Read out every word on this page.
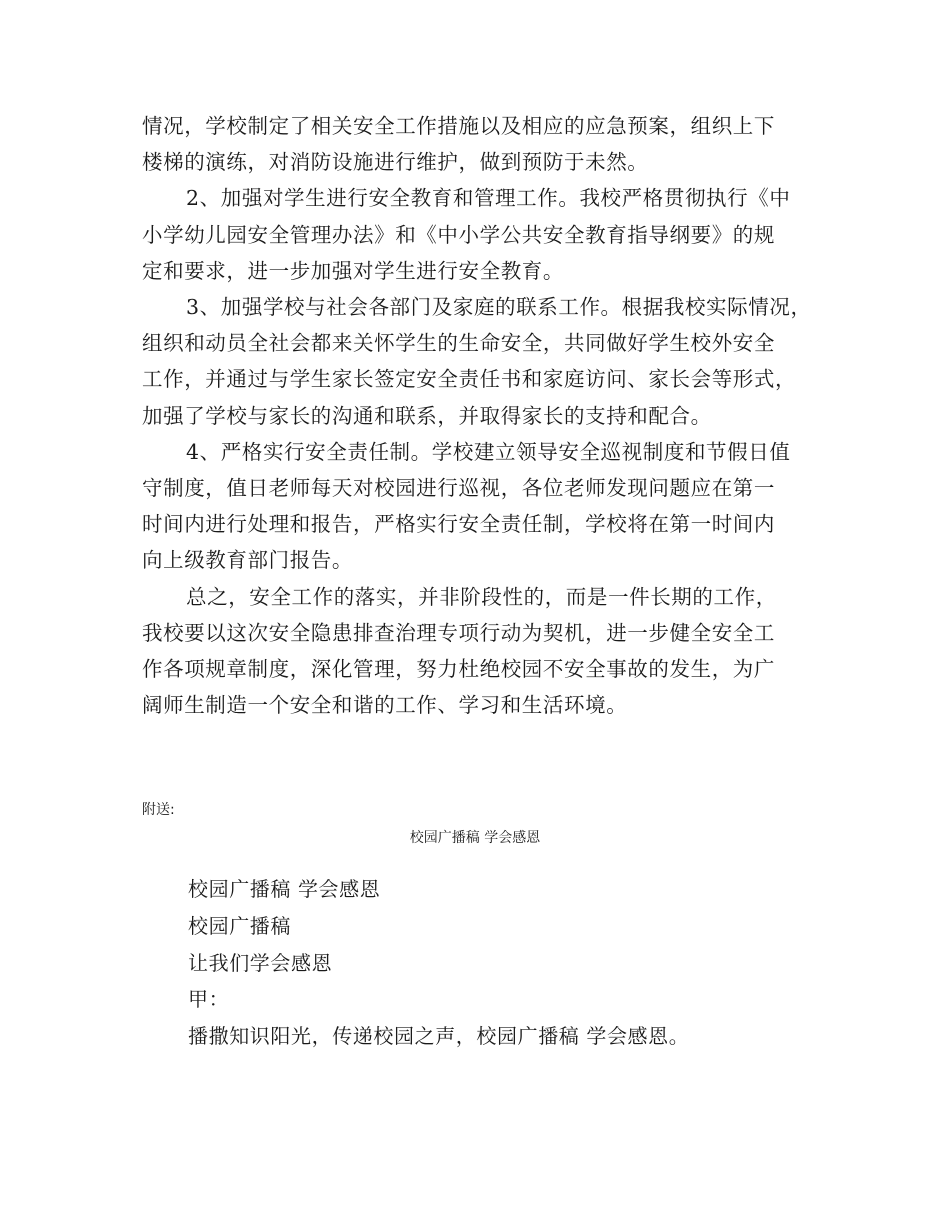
情况，学校制定了相关安全工作措施以及相应的应急预案，组织上下
楼梯的演练，对消防设施进行维护，做到预防于未然。
2、加强对学生进行安全教育和管理工作。我校严格贯彻执行《中
小学幼儿园安全管理办法》和《中小学公共安全教育指导纲要》的规
定和要求，进一步加强对学生进行安全教育。
3、加强学校与社会各部门及家庭的联系工作。根据我校实际情况，
组织和动员全社会都来关怀学生的生命安全，共同做好学生校外安全
工作，并通过与学生家长签定安全责任书和家庭访问、家长会等形式，
加强了学校与家长的沟通和联系，并取得家长的支持和配合。
4、严格实行安全责任制。学校建立领导安全巡视制度和节假日值
守制度，值日老师每天对校园进行巡视，各位老师发现问题应在第一
时间内进行处理和报告，严格实行安全责任制，学校将在第一时间内
向上级教育部门报告。
总之，安全工作的落实，并非阶段性的，而是一件长期的工作，
我校要以这次安全隐患排查治理专项行动为契机，进一步健全安全工
作各项规章制度，深化管理，努力杜绝校园不安全事故的发生，为广
阔师生制造一个安全和谐的工作、学习和生活环境。
附送:
校园广播稿 学会感恩
校园广播稿 学会感恩
校园广播稿
让我们学会感恩
甲：
播撒知识阳光，传递校园之声，校园广播稿 学会感恩。
